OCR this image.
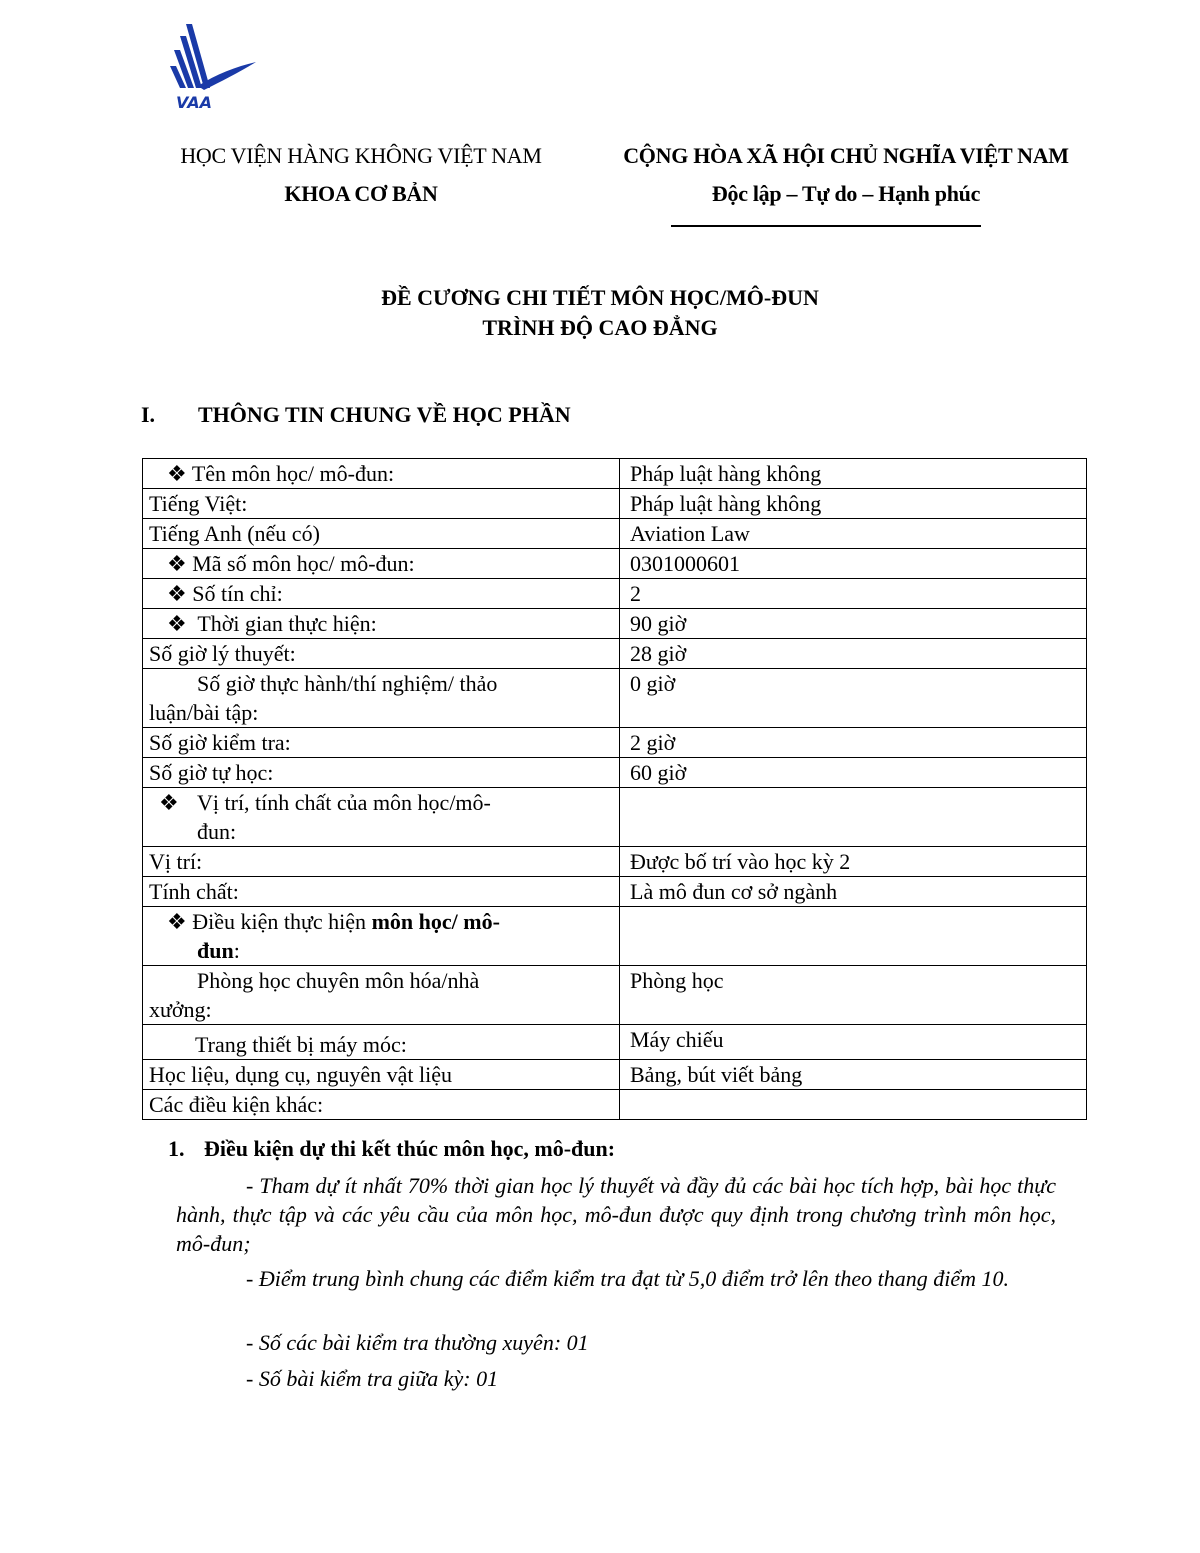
VAA
HỌC VIỆN HÀNG KHÔNG VIỆT NAM
KHOA CƠ BẢN
CỘNG HÒA XÃ HỘI CHỦ NGHĨA VIỆT NAM
Độc lập – Tự do – Hạnh phúc
ĐỀ CƯƠNG CHI TIẾT MÔN HỌC/MÔ-ĐUN
TRÌNH ĐỘ CAO ĐẲNG
I. THÔNG TIN CHUNG VỀ HỌC PHẦN
❖ Tên môn học/ mô-đun:	Pháp luật hàng không
Tiếng Việt:	Pháp luật hàng không
Tiếng Anh (nếu có)	Aviation Law
❖ Mã số môn học/ mô-đun:	0301000601
❖ Số tín chỉ:	2
❖ Thời gian thực hiện:	90 giờ
Số giờ lý thuyết:	28 giờ

Số giờ thực hành/thí nghiệm/ thảo
luận/bài tập:	0 giờ
Số giờ kiểm tra:	2 giờ
Số giờ tự học:	60 giờ

❖ Vị trí, tính chất của môn học/mô-
đun:	

Vị trí:	Được bố trí vào học kỳ 2
Tính chất:	Là mô đun cơ sở ngành

❖ Điều kiện thực hiện môn học/ mô-
đun:	

Phòng học chuyên môn hóa/nhà
xưởng:	Phòng học
Trang thiết bị máy móc:	Máy chiếu
Học liệu, dụng cụ, nguyên vật liệu	Bảng, bút viết bảng
Các điều kiện khác:	
1. Điều kiện dự thi kết thúc môn học, mô-đun:
- Tham dự ít nhất 70% thời gian học lý thuyết và đầy đủ các bài học tích hợp, bài học thực hành, thực tập và các yêu cầu của môn học, mô-đun được quy định trong chương trình môn học, mô-đun;
- Điểm trung bình chung các điểm kiểm tra đạt từ 5,0 điểm trở lên theo thang điểm 10.
- Số các bài kiểm tra thường xuyên: 01
- Số bài kiểm tra giữa kỳ: 01
